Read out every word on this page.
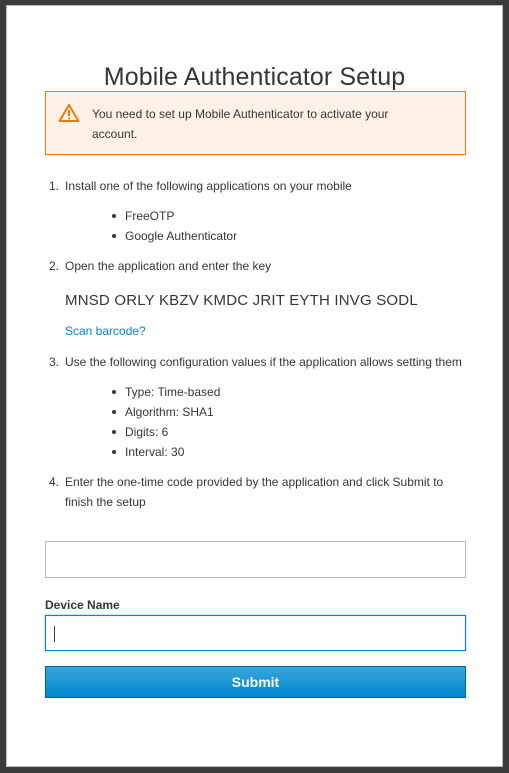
Mobile Authenticator Setup
You need to set up Mobile Authenticator to activate your account.
1. Install one of the following applications on your mobile
FreeOTP
Google Authenticator
2. Open the application and enter the key
3. Use the following configuration values if the application allows setting them
Type: Time-based
Algorithm: SHA1
Digits: 6
Interval: 30
4. Enter the one-time code provided by the application and click Submit to finish the setup
MNSD ORLY KBZV KMDC JRIT EYTH INVG SODL
Scan barcode?
Device Name
Submit
